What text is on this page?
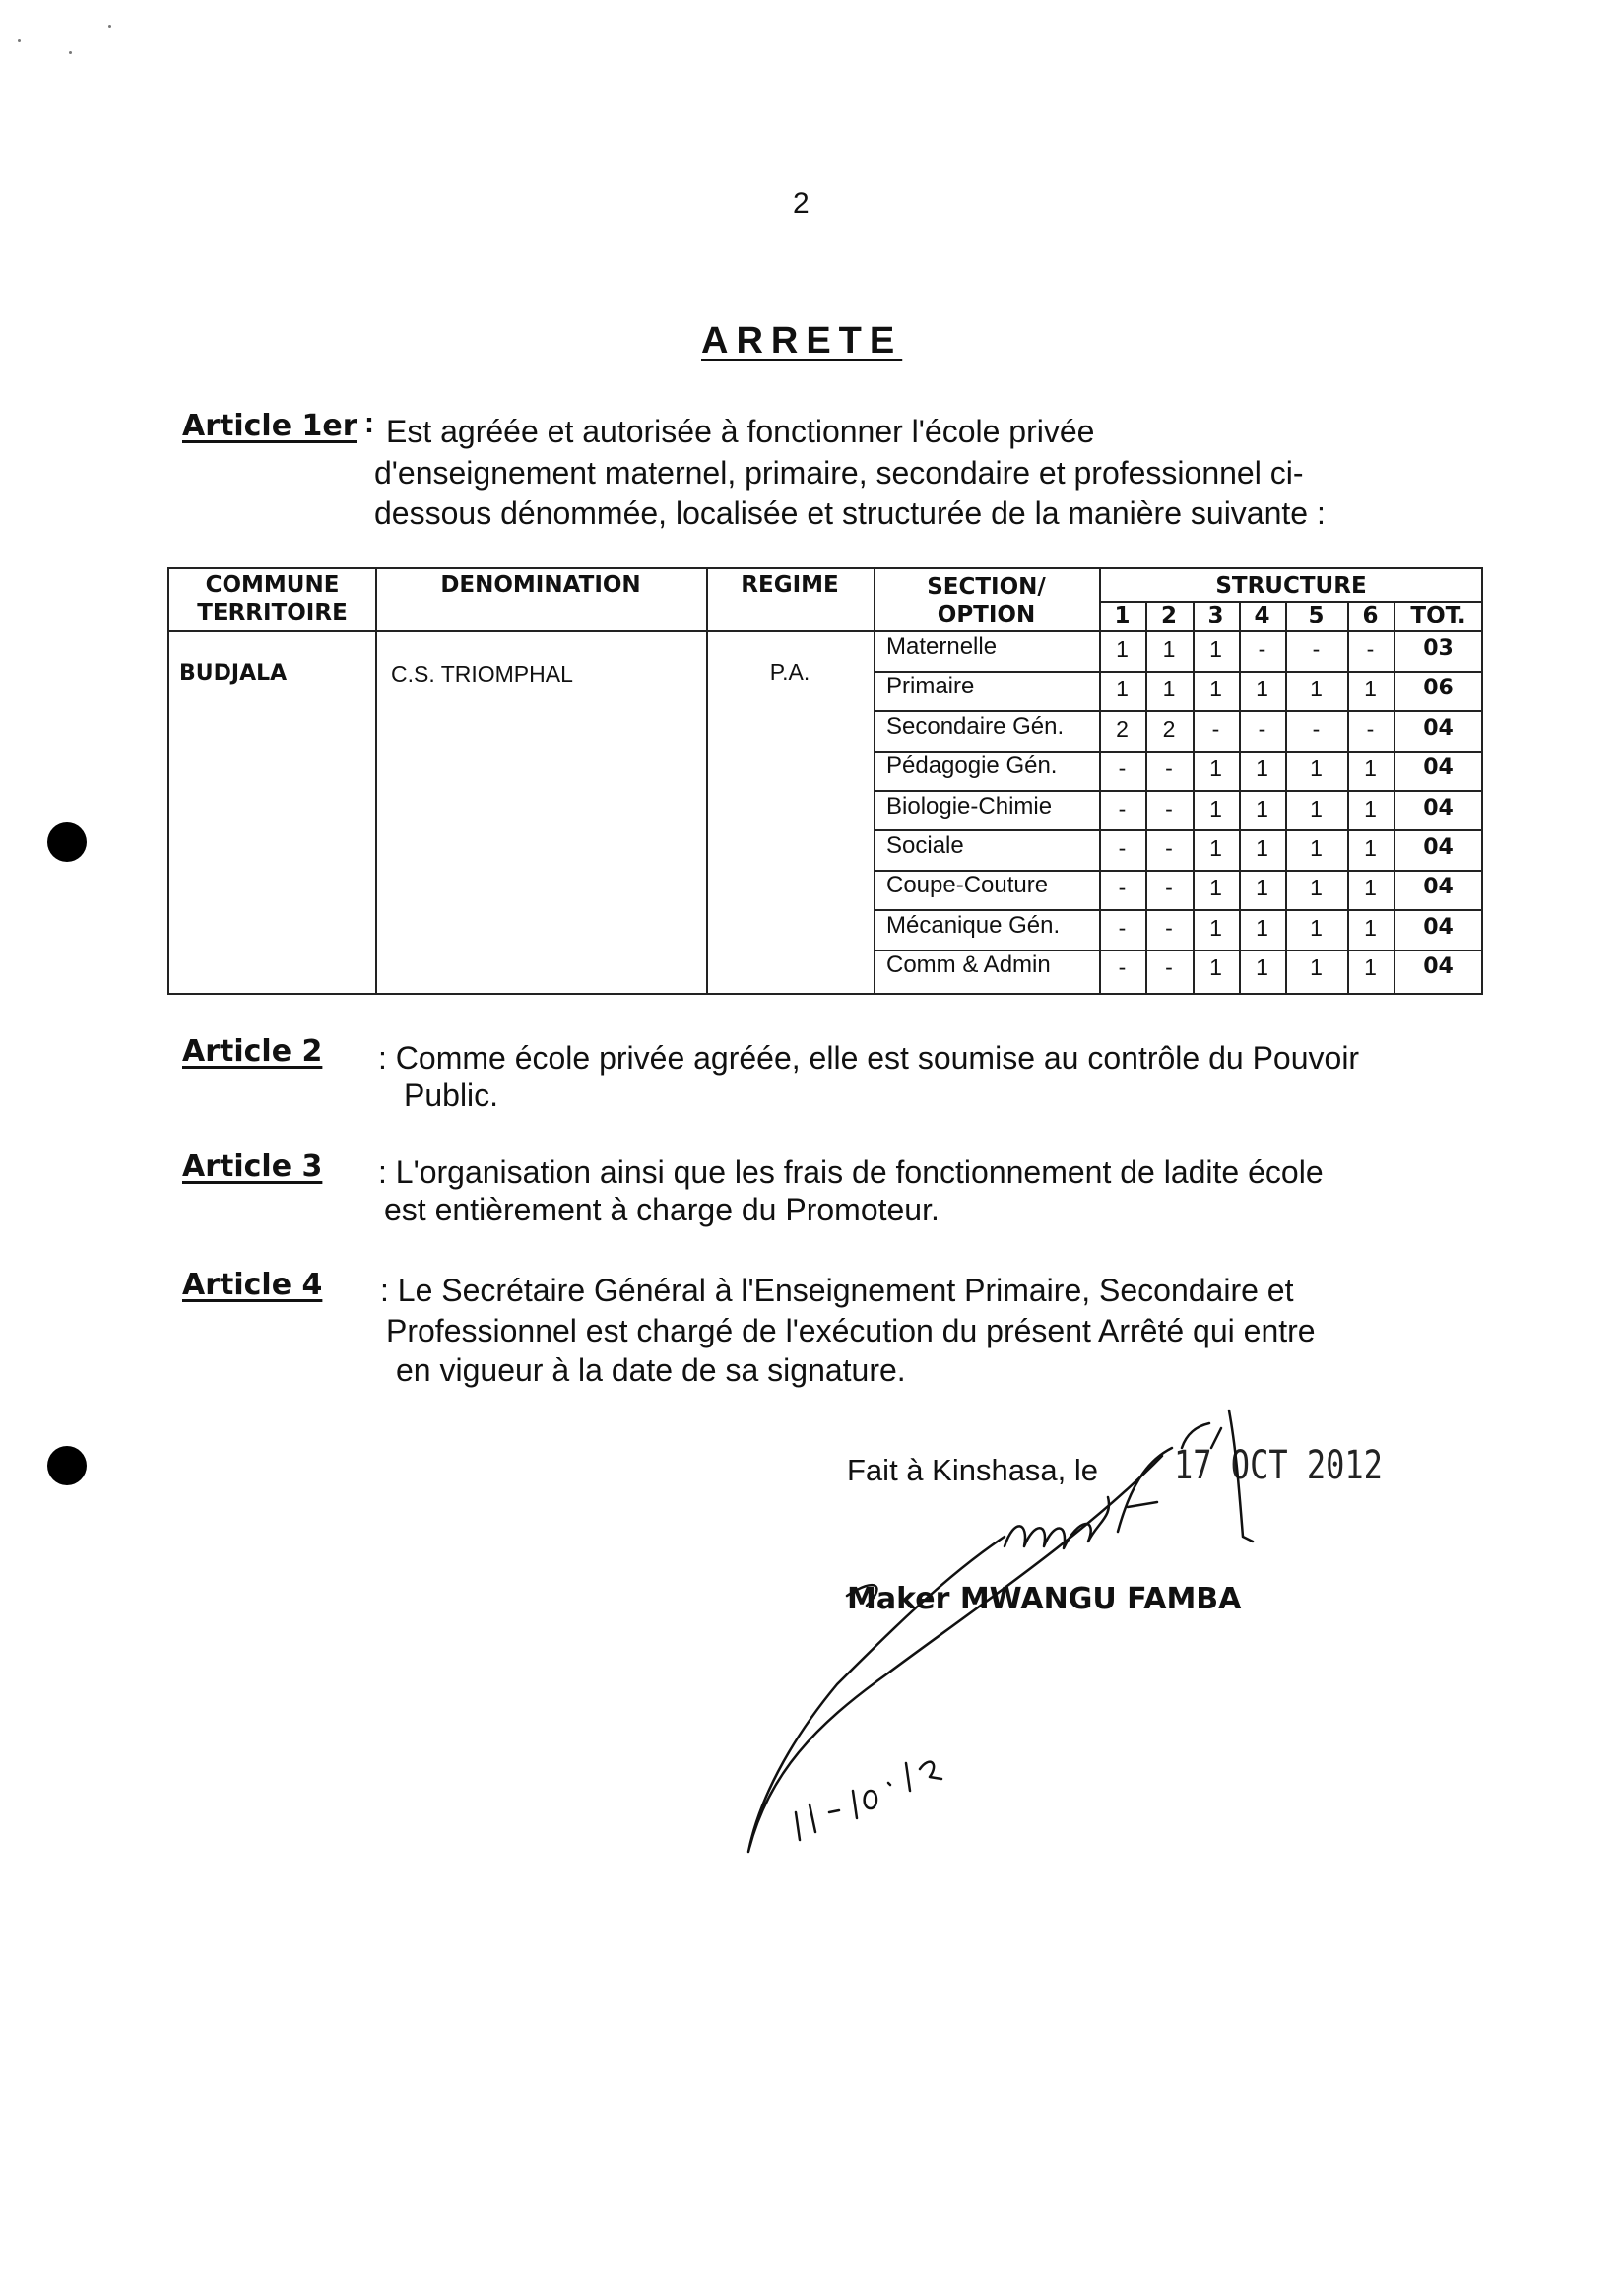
2
ARRETE
Article 1er : Est agréée et autorisée à fonctionner l'école privée
d'enseignement maternel, primaire, secondaire et professionnel ci-
dessous dénommée, localisée et structurée de la manière suivante :
COMMUNE
TERRITOIRE
DENOMINATION	REGIME	SECTION/
OPTION
STRUCTURE
1	2	3	4	5	6	TOT.
BUDJALA	C.S. TRIOMPHAL	P.A.
Maternelle	1	1	1	-	-	-	03
Primaire	1	1	1	1	1	1	06
Secondaire Gén.	2	2	-	-	-	-	04
Pédagogie Gén.	-	-	1	1	1	1	04
Biologie-Chimie	-	-	1	1	1	1	04
Sociale	-	-	1	1	1	1	04
Coupe-Couture	-	-	1	1	1	1	04
Mécanique Gén.	-	-	1	1	1	1	04
Comm & Admin	-	-	1	1	1	1	04
Article 2 : Comme école privée agréée, elle est soumise au contrôle du Pouvoir
Public.
Article 3 : L'organisation ainsi que les frais de fonctionnement de ladite école
est entièrement à charge du Promoteur.
Article 4 : Le Secrétaire Général à l'Enseignement Primaire, Secondaire et
Professionnel est chargé de l'exécution du présent Arrêté qui entre
en vigueur à la date de sa signature.
Fait à Kinshasa, le 17 OCT 2012
Maker MWANGU FAMBA
